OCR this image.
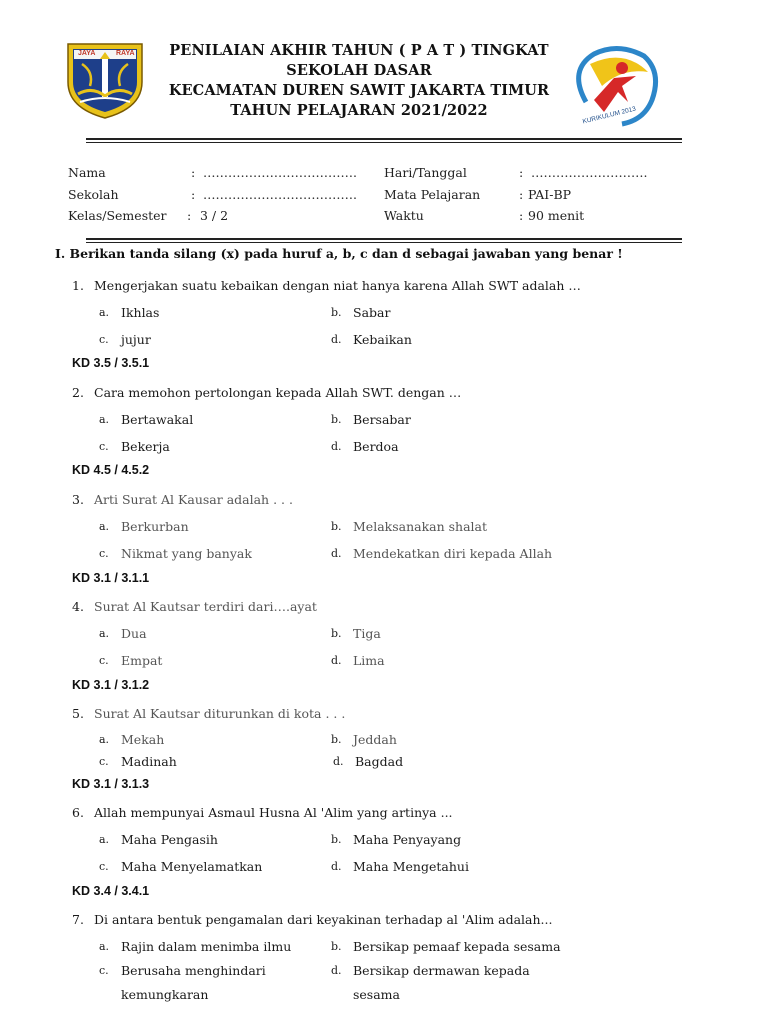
JAYA	RAYA	PENILAIAN AKHIR TAHUN ( P A T ) TINGKAT
SEKOLAH DASAR
KECAMATAN DUREN SAWIT JAKARTA TIMUR
TAHUN PELAJARAN 2021/2022	KURIKULUM 2013
Nama	: ……………………………….
Sekolah	: ……………………………….
Kelas/Semester : 3 / 2
Hari/Tanggal	: ……………………….
Mata Pelajaran	: PAI-BP
Waktu	: 90 menit
I. Berikan tanda silang (x) pada huruf a, b, c dan d sebagai jawaban yang benar !
1. Mengerjakan suatu kebaikan dengan niat hanya karena Allah SWT adalah …
a. Ikhlas	b. Sabar
c. jujur	d. Kebaikan
KD 3.5 / 3.5.1
2. Cara memohon pertolongan kepada Allah SWT. dengan …
a. Bertawakal	b. Bersabar
c. Bekerja	d. Berdoa
KD 4.5 / 4.5.2
3. Arti Surat Al Kausar adalah . . .
a. Berkurban	b. Melaksanakan shalat
c. Nikmat yang banyak	d. Mendekatkan diri kepada Allah
KD 3.1 / 3.1.1
4. Surat Al Kautsar terdiri dari….ayat
a. Dua	b. Tiga
c. Empat	d. Lima
KD 3.1 / 3.1.2
5. Surat Al Kautsar diturunkan di kota . . .
a. Mekah	b. Jeddah
c. Madinah	d. Bagdad
KD 3.1 / 3.1.3
6. Allah mempunyai Asmaul Husna Al 'Alim yang artinya ...
a. Maha Pengasih	b. Maha Penyayang
c. Maha Menyelamatkan	d. Maha Mengetahui
KD 3.4 / 3.4.1
7. Di antara bentuk pengamalan dari keyakinan terhadap al 'Alim adalah...
a. Rajin dalam menimba ilmu	b. Bersikap pemaaf kepada sesama
c. Berusaha menghindari
kemungkaran
d. Bersikap dermawan kepada
sesama
